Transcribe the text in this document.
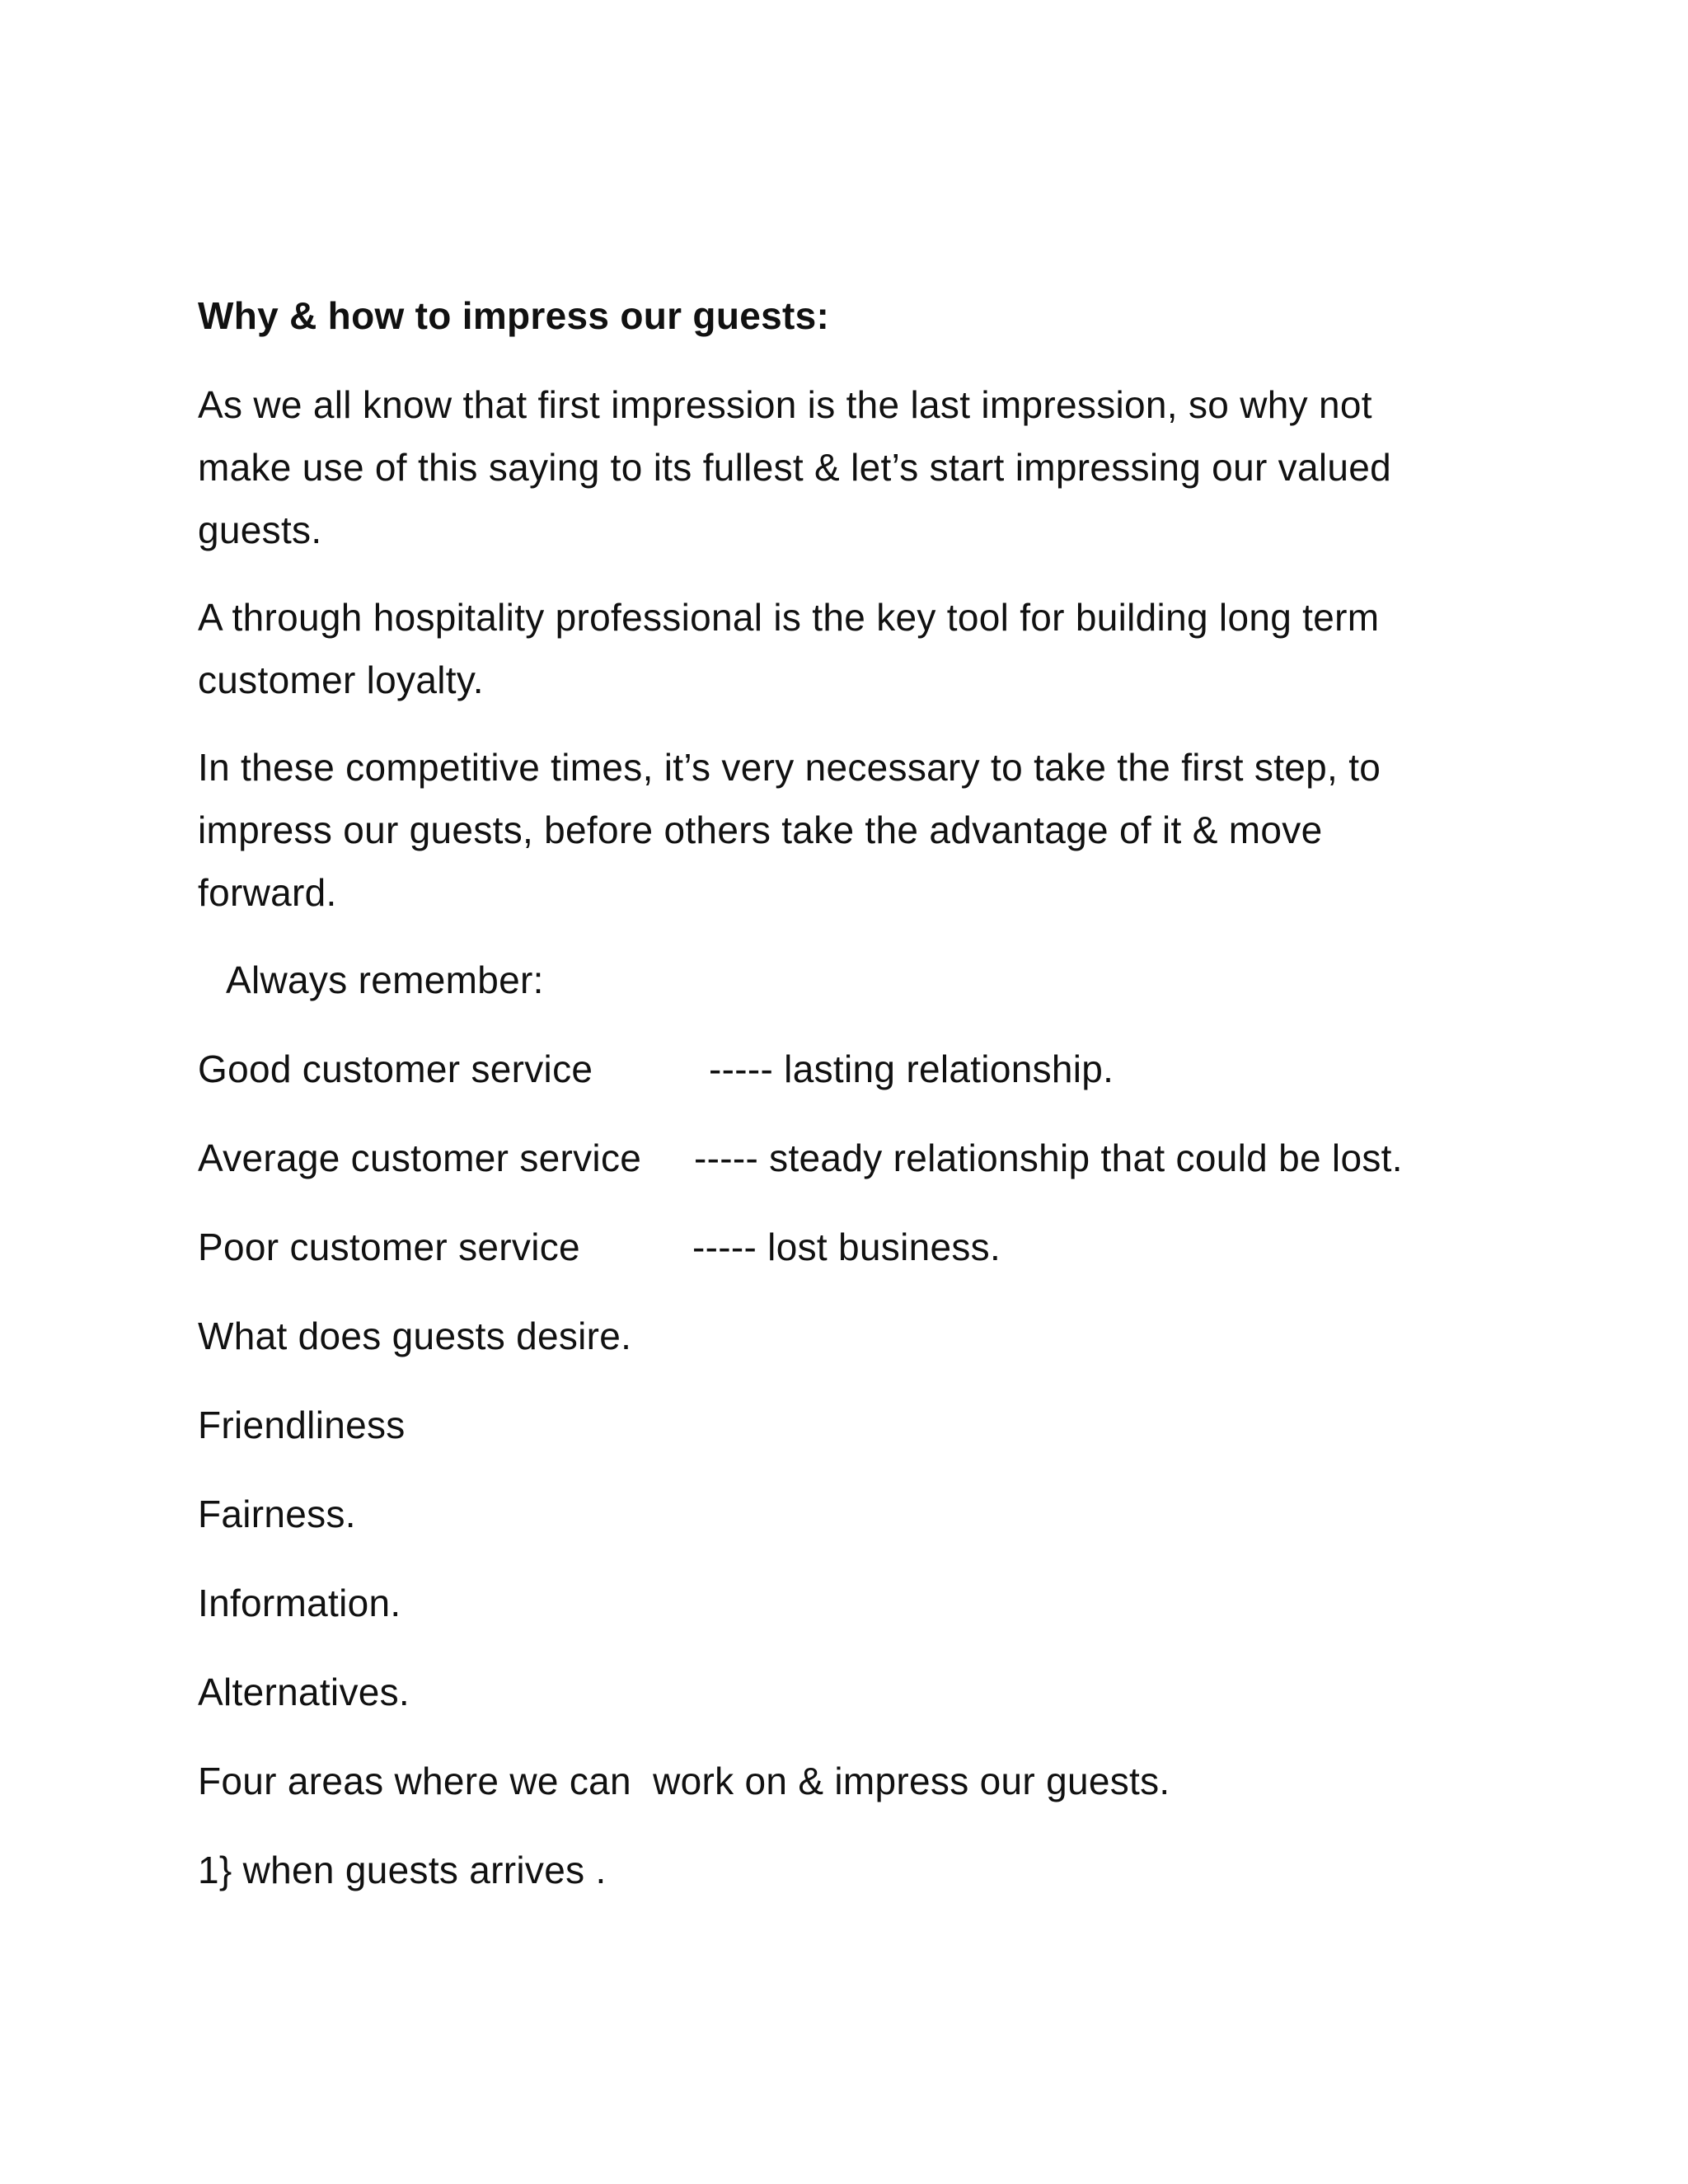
Why & how to impress our guests:
As we all know that first impression is the last impression, so why not
make use of this saying to its fullest & let’s start impressing our valued
guests.
A through hospitality professional is the key tool for building long term
customer loyalty.
In these competitive times, it’s very necessary to take the first step, to
impress our guests, before others take the advantage of it & move
forward.
Always remember:
Good customer service	----- lasting relationship.
Average customer service	----- steady relationship that could be lost.
Poor customer service	----- lost business.
What does guests desire.
Friendliness
Fairness.
Information.
Alternatives.
Four areas where we can  work on & impress our guests.
1} when guests arrives .
